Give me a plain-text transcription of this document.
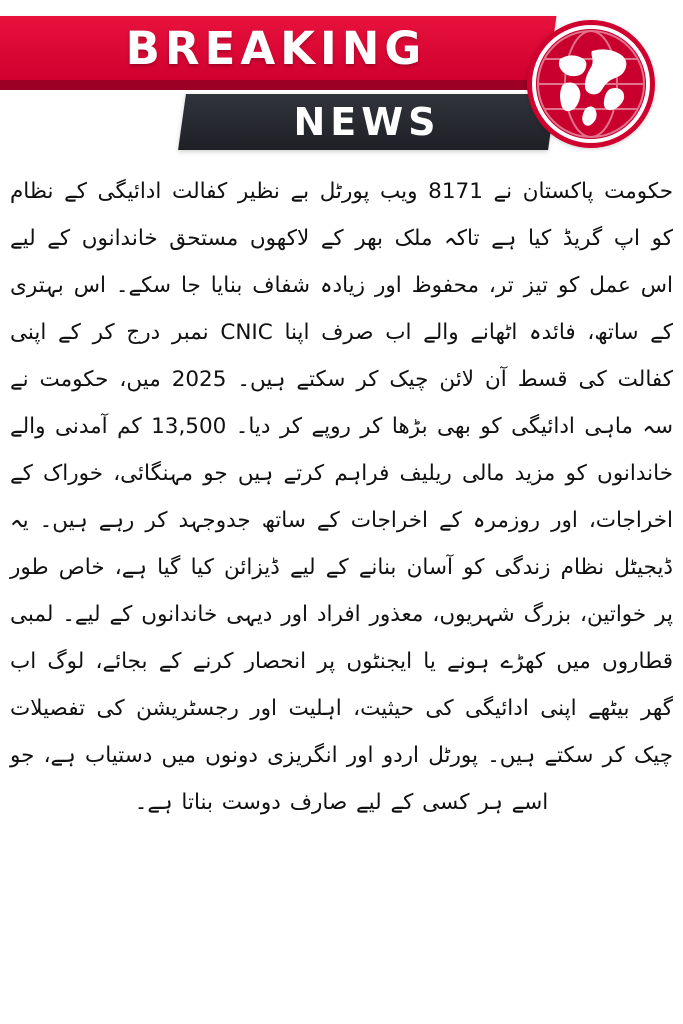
BREAKING
NEWS

حکومت پاکستان نے 8171 ویب پورٹل بے نظیر کفالت ادائیگی کے نظام کو اپ گریڈ کیا ہے تاکہ ملک بھر کے لاکھوں مستحق خاندانوں کے لیے اس عمل کو تیز تر، محفوظ اور زیادہ شفاف بنایا جا سکے۔ اس بہتری کے ساتھ، فائدہ اٹھانے والے اب صرف اپنا CNIC نمبر درج کر کے اپنی کفالت کی قسط آن لائن چیک کر سکتے ہیں۔ 2025 میں، حکومت نے سہ ماہی ادائیگی کو بھی بڑھا کر روپے کر دیا۔ 13,500 کم آمدنی والے خاندانوں کو مزید مالی ریلیف فراہم کرتے ہیں جو مہنگائی، خوراک کے اخراجات، اور روزمرہ کے اخراجات کے ساتھ جدوجہد کر رہے ہیں۔ یہ ڈیجیٹل نظام زندگی کو آسان بنانے کے لیے ڈیزائن کیا گیا ہے، خاص طور پر خواتین، بزرگ شہریوں، معذور افراد اور دیہی خاندانوں کے لیے۔ لمبی قطاروں میں کھڑے ہونے یا ایجنٹوں پر انحصار کرنے کے بجائے، لوگ اب گھر بیٹھے اپنی ادائیگی کی حیثیت، اہلیت اور رجسٹریشن کی تفصیلات چیک کر سکتے ہیں۔ پورٹل اردو اور انگریزی دونوں میں دستیاب ہے، جو اسے ہر کسی کے لیے صارف دوست بناتا ہے۔
